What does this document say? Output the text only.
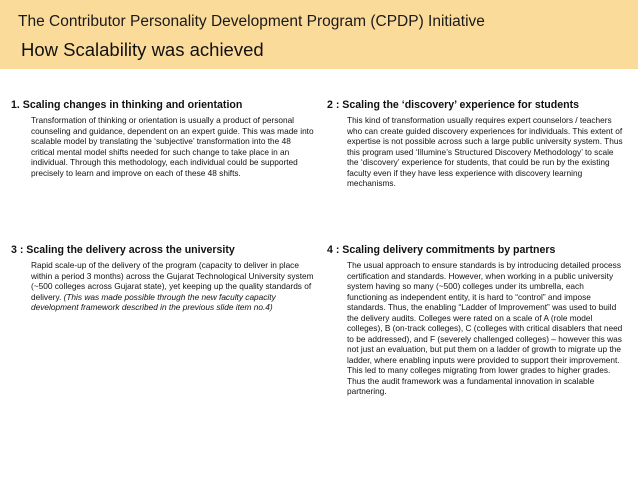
The Contributor Personality Development Program (CPDP) Initiative
How Scalability was achieved
1. Scaling changes in thinking and orientation

Transformation of thinking or orientation is usually a product of personal counseling and guidance, dependent on an expert guide. This was made into scalable model by translating the ‘subjective’ transformation into the 48 critical mental model shifts needed for such change to take place in an individual. Through this methodology, each individual could be supported precisely to learn and improve on each of these 48 shifts.

2 : Scaling the ‘discovery’ experience for students

This kind of transformation usually requires expert counselors / teachers who can create guided discovery experiences for individuals. This extent of expertise is not possible across such a large public university system. Thus this program used ‘Illumine’s Structured Discovery Methodology’ to scale the ‘discovery’ experience for students, that could be run by the existing faculty even if they have less experience with discovery learning mechanisms.

3 : Scaling the delivery across the university

Rapid scale-up of the delivery of the program (capacity to deliver in place within a period 3 months) across the Gujarat Technological University system (~500 colleges across Gujarat state), yet keeping up the quality standards of delivery. (This was made possible through the new faculty capacity development framework described in the previous slide item no.4)

4 : Scaling delivery commitments by partners

The usual approach to ensure standards is by introducing detailed process certification and standards. However, when working in a public university system having so many (~500) colleges under its umbrella, each functioning as independent entity, it is hard to “control” and impose standards. Thus, the enabling “Ladder of Improvement” was used to build the delivery audits. Colleges were rated on a scale of A (role model colleges), B (on-track colleges), C (colleges with critical disablers that need to be addressed), and F (severely challenged colleges) – however this was not just an evaluation, but put them on a ladder of growth to migrate up the ladder, where enabling inputs were provided to support their improvement. This led to many colleges migrating from lower grades to higher grades. Thus the audit framework was a fundamental innovation in scalable partnering.
